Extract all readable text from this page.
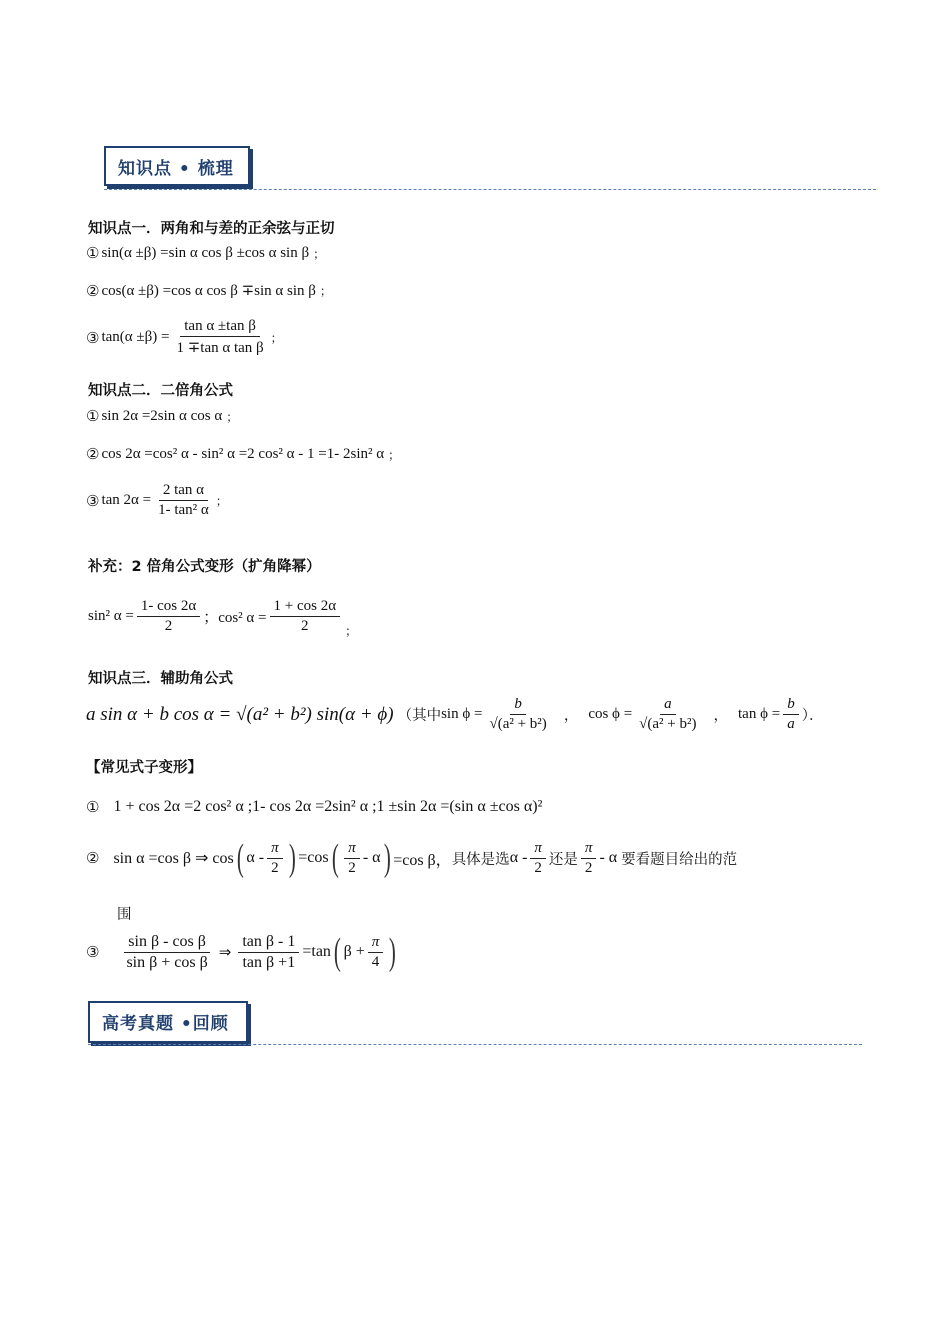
知识点 • 梳理
知识点一．两角和与差的正余弦与正切
① sin(α ±β) =sin α cos β ±cos α sin β ；
② cos(α ±β) =cos α cos β ∓sin α sin β ；
③ $\tan(\alpha \pm\beta) = \frac{\text{tan α ±tan β}}{\text{1 ∓tan α tan β}}$ ；
知识点二．二倍角公式
① sin 2α =2sin α cos α ；
② cos 2α =cos² α - sin² α =2 cos² α - 1 =1- 2sin² α ；
③ $\tan 2\alpha = \frac{\text{2 tan α}}{\text{1- tan² α}}$ ；
补充：2 倍角公式变形（扩角降幂）
sin² $\alpha = \frac{1- \cos 2\alpha}{2}$ ；cos² $\alpha = \frac{1 + \cos 2\alpha}{2}$ ；
知识点三．辅助角公式
a sin α + b cos α = √(a² + b²) sin(α + ϕ) （其中 $\sin \phi = \frac{b}{\text{√(a² + b²)}}$ ， $\cos \phi = \frac{a}{\text{√(a² + b²)}}$ ， $\tan \phi = \frac{b}{a}$ ）．
【常见式子变形】
① 1 + cos 2α =2 cos² α ;1- cos 2α =2sin² α ;1 ±sin 2α =(sin α ±cos α)²
② sin α =cos β ⇒ cos ( α - $\frac{\pi}{2}$ ) =cos ( $\frac{\pi}{2}$ - α ) =cos β， 具体是选 α - $\frac{\pi}{2}$ 还是 $\frac{\pi}{2}$ - α 要看题目给出的范
围
③ $\frac{\text{sin β - cos β}}{\text{sin β + cos β}}$ ⇒ $\frac{\text{tan β - 1}}{\text{tan β +1}} =\tan$ ( $\beta + \frac{\pi}{4}$ )
高考真题 •回顾
